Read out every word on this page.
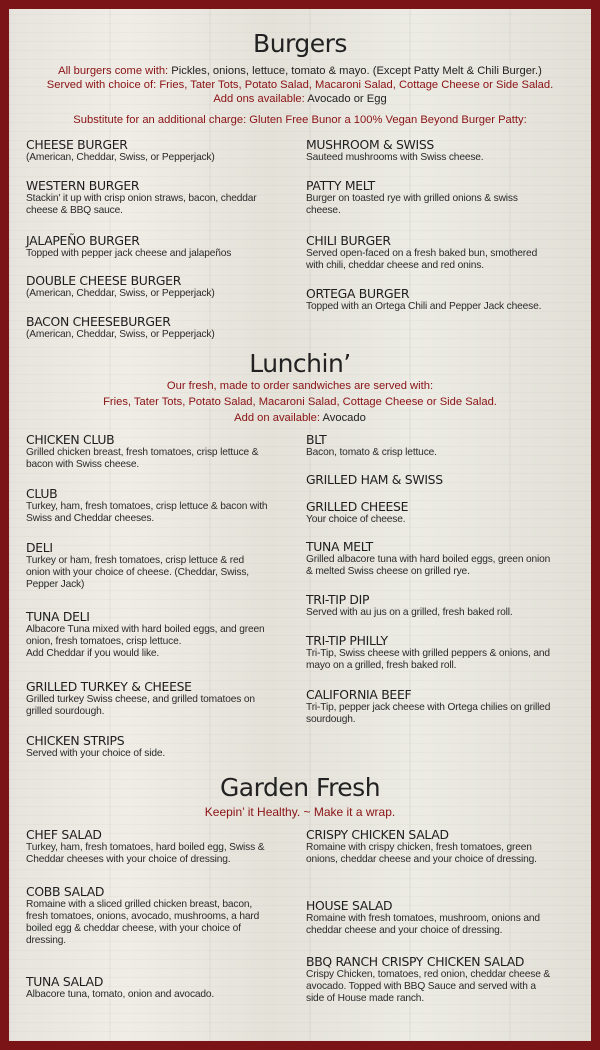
Burgers
All burgers come with: Pickles, onions, lettuce, tomato & mayo. (Except Patty Melt & Chili Burger.)
Served with choice of: Fries, Tater Tots, Potato Salad, Macaroni Salad, Cottage Cheese or Side Salad.
Add ons available: Avocado or Egg
Substitute for an additional charge: Gluten Free Bunor a 100% Vegan Beyond Burger Patty:
CHEESE BURGER
(American, Cheddar, Swiss, or Pepperjack)
WESTERN BURGER
Stackin' it up with crisp onion straws, bacon, cheddar cheese & BBQ sauce.
JALAPEÑO BURGER
Topped with pepper jack cheese and jalapeños
DOUBLE CHEESE BURGER
(American, Cheddar, Swiss, or Pepperjack)
BACON CHEESEBURGER
(American, Cheddar, Swiss, or Pepperjack)
MUSHROOM & SWISS
Sauteed mushrooms with Swiss cheese.
PATTY MELT
Burger on toasted rye with grilled onions & swiss cheese.
CHILI BURGER
Served open-faced on a fresh baked bun, smothered with chili, cheddar cheese and red onins.
ORTEGA BURGER
Topped with an Ortega Chili and Pepper Jack cheese.
Lunchin’
Our fresh, made to order sandwiches are served with:
Fries, Tater Tots, Potato Salad, Macaroni Salad, Cottage Cheese or Side Salad.
Add on available: Avocado
CHICKEN CLUB
Grilled chicken breast, fresh tomatoes, crisp lettuce & bacon with Swiss cheese.
CLUB
Turkey, ham, fresh tomatoes, crisp lettuce & bacon with Swiss and Cheddar cheeses.
DELI
Turkey or ham, fresh tomatoes, crisp lettuce & red onion with your choice of cheese. (Cheddar, Swiss, Pepper Jack)
TUNA DELI
Albacore Tuna mixed with hard boiled eggs, and green onion, fresh tomatoes, crisp lettuce.
Add Cheddar if you would like.
GRILLED TURKEY & CHEESE
Grilled turkey Swiss cheese, and grilled tomatoes on grilled sourdough.
CHICKEN STRIPS
Served with your choice of side.
BLT
Bacon, tomato & crisp lettuce.
GRILLED HAM & SWISS
GRILLED CHEESE
Your choice of cheese.
TUNA MELT
Grilled albacore tuna with hard boiled eggs, green onion & melted Swiss cheese on grilled rye.
TRI-TIP DIP
Served with au jus on a grilled, fresh baked roll.
TRI-TIP PHILLY
Tri-Tip, Swiss cheese with grilled peppers & onions, and mayo on a grilled, fresh baked roll.
CALIFORNIA BEEF
Tri-Tip, pepper jack cheese with Ortega chilies on grilled sourdough.
Garden Fresh
Keepin’ it Healthy. ~ Make it a wrap.
CHEF SALAD
Turkey, ham, fresh tomatoes, hard boiled egg, Swiss & Cheddar cheeses with your choice of dressing.
COBB SALAD
Romaine with a sliced grilled chicken breast, bacon, fresh tomatoes, onions, avocado, mushrooms, a hard boiled egg & cheddar cheese, with your choice of dressing.
TUNA SALAD
Albacore tuna, tomato, onion and avocado.
CRISPY CHICKEN SALAD
Romaine with crispy chicken, fresh tomatoes, green onions, cheddar cheese and your choice of dressing.
HOUSE SALAD
Romaine with fresh tomatoes, mushroom, onions and cheddar cheese and your choice of dressing.
BBQ RANCH CRISPY CHICKEN SALAD
Crispy Chicken, tomatoes, red onion, cheddar cheese & avocado. Topped with BBQ Sauce and served with a side of House made ranch.
